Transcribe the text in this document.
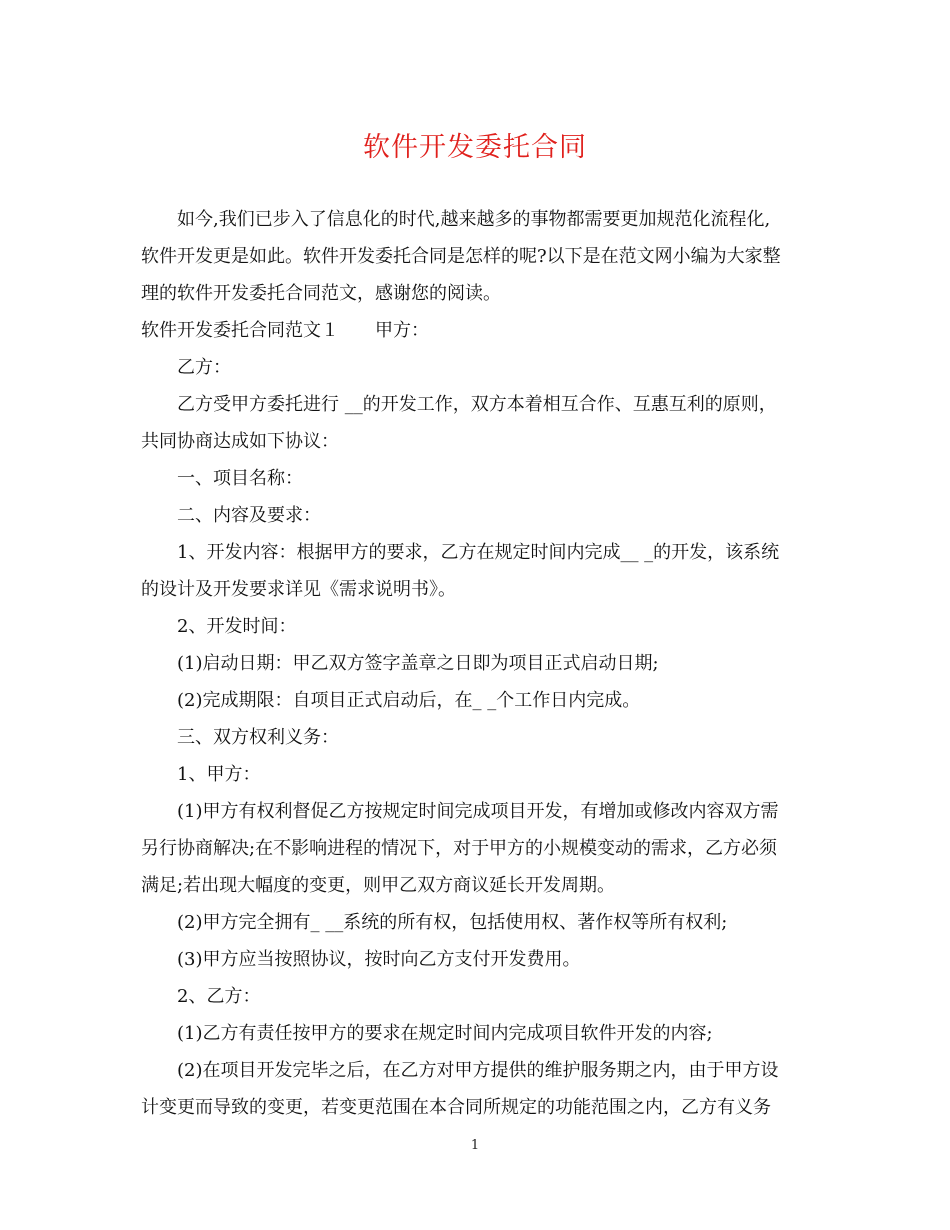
软件开发委托合同
如今,我们已步入了信息化的时代,越来越多的事物都需要更加规范化流程化,
软件开发更是如此。软件开发委托合同是怎样的呢?以下是在范文网小编为大家整
理的软件开发委托合同范文，感谢您的阅读。
软件开发委托合同范文１ 甲方：
乙方：
乙方受甲方委托进行 __的开发工作，双方本着相互合作、互惠互利的原则，
共同协商达成如下协议：
一、项目名称：
二、内容及要求：
1、开发内容：根据甲方的要求，乙方在规定时间内完成__ _的开发，该系统
的设计及开发要求详见《需求说明书》。
2、开发时间：
(1)启动日期：甲乙双方签字盖章之日即为项目正式启动日期;
(2)完成期限：自项目正式启动后，在_ _个工作日内完成。
三、双方权利义务：
1、甲方：
(1)甲方有权利督促乙方按规定时间完成项目开发，有增加或修改内容双方需
另行协商解决;在不影响进程的情况下，对于甲方的小规模变动的需求，乙方必须
满足;若出现大幅度的变更，则甲乙双方商议延长开发周期。
(2)甲方完全拥有_ __系统的所有权，包括使用权、著作权等所有权利;
(3)甲方应当按照协议，按时向乙方支付开发费用。
2、乙方：
(1)乙方有责任按甲方的要求在规定时间内完成项目软件开发的内容;
(2)在项目开发完毕之后，在乙方对甲方提供的维护服务期之内，由于甲方设
计变更而导致的变更，若变更范围在本合同所规定的功能范围之内，乙方有义务
1
